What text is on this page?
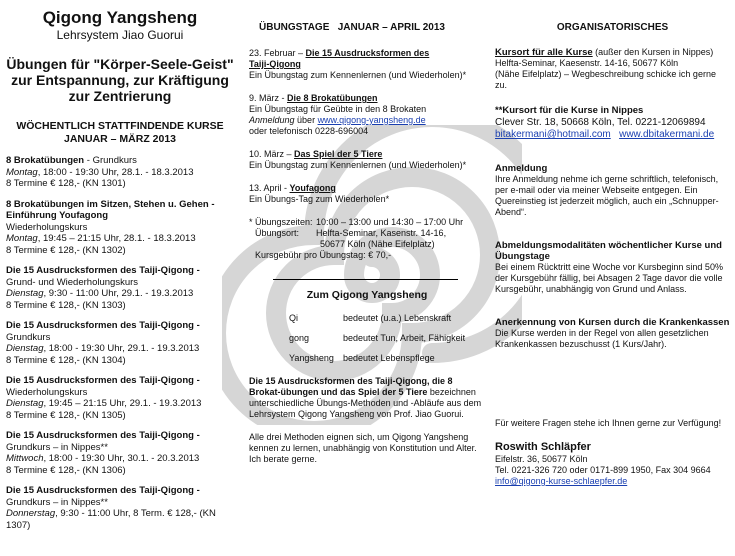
Qigong Yangsheng
Lehrsystem Jiao Guorui
Übungen für "Körper-Seele-Geist"
zur Entspannung, zur Kräftigung
zur Zentrierung
WÖCHENTLICH STATTFINDENDE KURSE
JANUAR – MÄRZ 2013
8 Brokatübungen - Grundkurs
Montag, 18:00 - 19:30 Uhr, 28.1. - 18.3.2013
8 Termine € 128,- (KN 1301)
8 Brokatübungen im Sitzen, Stehen u. Gehen -
Einführung Youfagong
Wiederholungskurs
Montag, 19:45 – 21:15 Uhr, 28.1. - 18.3.2013
8 Termine € 128,- (KN 1302)
Die 15 Ausdrucksformen des Taiji-Qigong -
Grund- und Wiederholungskurs
Dienstag, 9:30 - 11:00 Uhr, 29.1. - 19.3.2013
8 Termine € 128,- (KN 1303)
Die 15 Ausdrucksformen des Taiji-Qigong -
Grundkurs
Dienstag, 18:00 - 19:30 Uhr, 29.1. - 19.3.2013
8 Termine € 128,- (KN 1304)
Die 15 Ausdrucksformen des Taiji-Qigong -
Wiederholungskurs
Dienstag, 19:45 – 21:15 Uhr, 29.1. - 19.3.2013
8 Termine € 128,- (KN 1305)
Die 15 Ausdrucksformen des Taiji-Qigong -
Grundkurs – in Nippes**
Mittwoch, 18:00 - 19:30 Uhr, 30.1. - 20.3.2013
8 Termine € 128,- (KN 1306)
Die 15 Ausdrucksformen des Taiji-Qigong -
Grundkurs – in Nippes**
Donnerstag, 9:30 - 11:00 Uhr, 8 Term. € 128,- (KN 1307)
ÜBUNGSTAGE   JANUAR – APRIL 2013
23. Februar – Die 15 Ausdrucksformen des
Taiji-Qigong
Ein Übungstag zum Kennenlernen (und Wiederholen)*
9. März - Die 8 Brokatübungen
Ein Übungstag für Geübte in den 8 Brokaten
Anmeldung über www.qigong-yangsheng.de
oder telefonisch 0228-696004
10. März – Das Spiel der 5 Tiere
Ein Übungstag zum Kennenlernen (und Wiederholen)*
13. April - Youfagong
Ein Übungs-Tag zum Wiederholen*
* Übungszeiten: 10:00 – 13:00 und 14:30 – 17:00 Uhr
Übungsort:	Helfta-Seminar, Kasenstr. 14-16,
50677 Köln (Nähe Eifelplatz)
Kursgebühr pro Übungstag: € 70,-
Zum Qigong Yangsheng
Qi	bedeutet (u.a.) Lebenskraft
gong	bedeutet Tun, Arbeit, Fähigkeit
Yangsheng	bedeutet Lebenspflege
Die 15 Ausdrucksformen des Taiji-Qigong, die 8 Brokat-übungen und das Spiel der 5 Tiere bezeichnen unterschiedliche Übungs-Methoden und -Abläufe aus dem Lehrsystem Qigong Yangsheng von Prof. Jiao Guorui.
Alle drei Methoden eignen sich, um Qigong Yangsheng kennen zu lernen, unabhängig von Konstitution und Alter. Ich berate gerne.
ORGANISATORISCHES
Kursort für alle Kurse (außer den Kursen in Nippes)
Helfta-Seminar, Kaesenstr. 14-16, 50677 Köln
(Nähe Eifelplatz) – Wegbeschreibung schicke ich gerne zu.
**Kursort für die Kurse in Nippes
Clever Str. 18, 50668 Köln, Tel. 0221-12069894
bitakermani@hotmail.com www.dbitakermani.de
Anmeldung
Ihre Anmeldung nehme ich gerne schriftlich, telefonisch, per e-mail oder via meiner Webseite entgegen. Ein Quereinstieg ist jederzeit möglich, auch ein „Schnupper-Abend“.
Abmeldungsmodalitäten wöchentlicher Kurse und Übungstage
Bei einem Rücktritt eine Woche vor Kursbeginn sind 50% der Kursgebühr fällig, bei Absagen 2 Tage davor die volle Kursgebühr, unabhängig von Grund und Anlass.
Anerkennung von Kursen durch die Krankenkassen
Die Kurse werden in der Regel von allen gesetzlichen Krankenkassen bezuschusst (1 Kurs/Jahr).
Für weitere Fragen stehe ich Ihnen gerne zur Verfügung!
Roswith Schläpfer
Eifelstr. 36, 50677 Köln
Tel. 0221-326 720 oder 0171-899 1950, Fax 304 9664
info@qigong-kurse-schlaepfer.de
